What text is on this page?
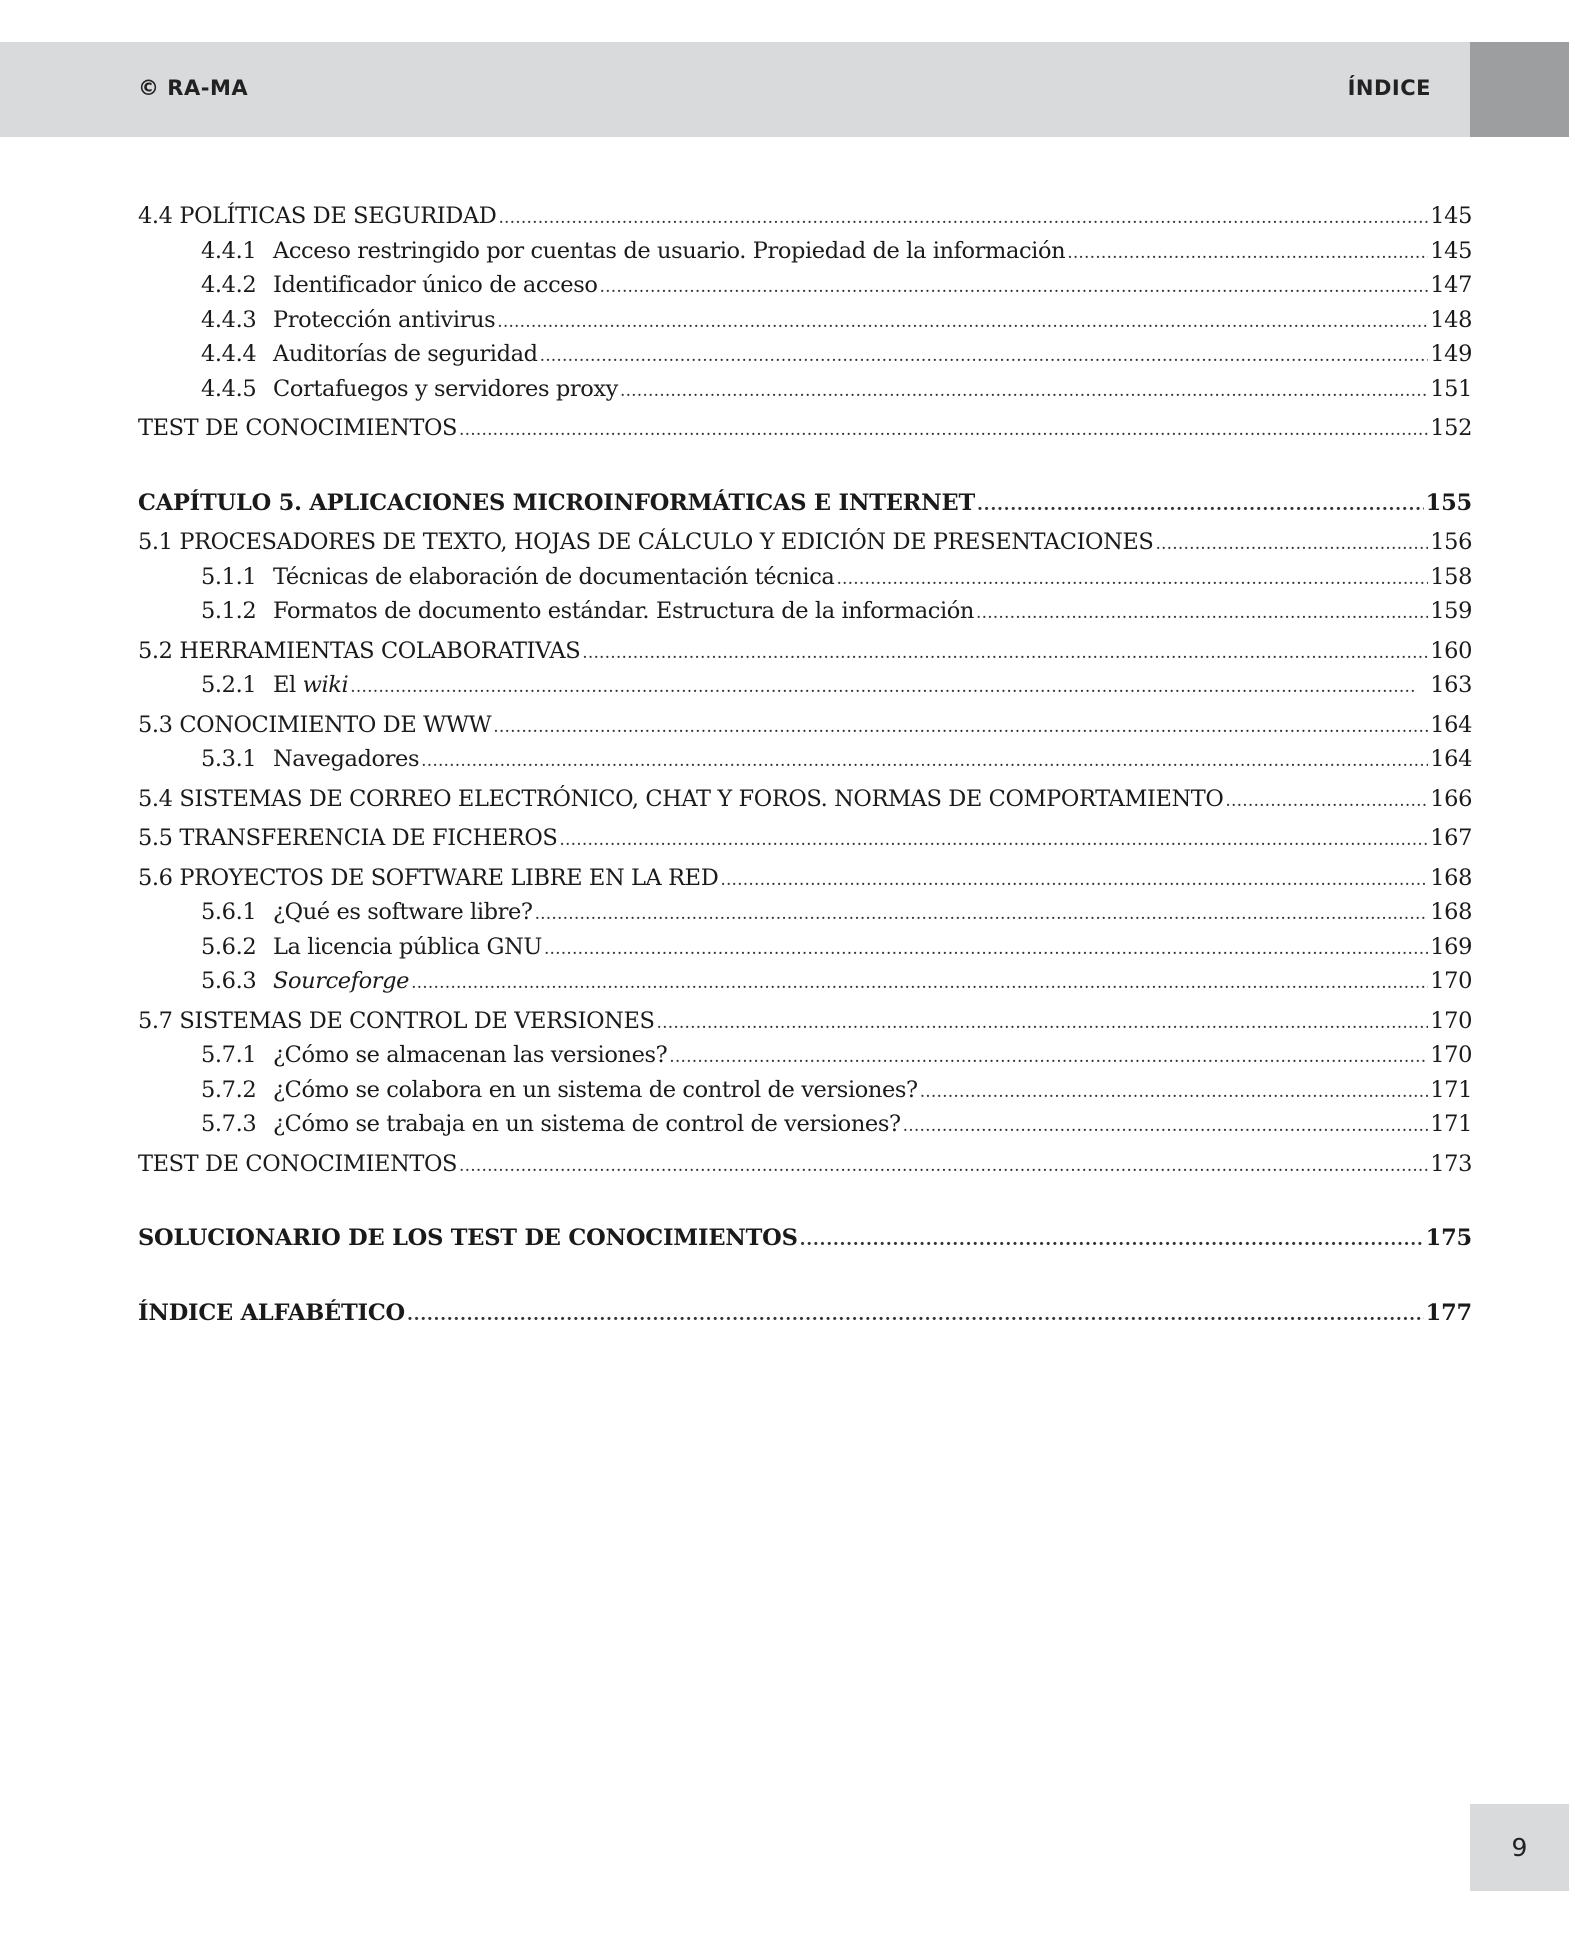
© RA-MA	ÍNDICE
4.4 POLÍTICAS DE SEGURIDAD . . .	145
4.4.1 Acceso restringido por cuentas de usuario. Propiedad de la información . . .	145
4.4.2 Identificador único de acceso . . .	147
4.4.3 Protección antivirus . . .	148
4.4.4 Auditorías de seguridad . . .	149
4.4.5 Cortafuegos y servidores proxy . . .	151
TEST DE CONOCIMIENTOS . . .	152
CAPÍTULO 5. APLICACIONES MICROINFORMÁTICAS E INTERNET . . .	155
5.1 PROCESADORES DE TEXTO, HOJAS DE CÁLCULO Y EDICIÓN DE PRESENTACIONES . . .	156
5.1.1 Técnicas de elaboración de documentación técnica . . .	158
5.1.2 Formatos de documento estándar. Estructura de la información . . .	159
5.2 HERRAMIENTAS COLABORATIVAS . . .	160
5.2.1 El wiki . . .	163
5.3 CONOCIMIENTO DE WWW . . .	164
5.3.1 Navegadores . . .	164
5.4 SISTEMAS DE CORREO ELECTRÓNICO, CHAT Y FOROS. NORMAS DE COMPORTAMIENTO . . .	166
5.5 TRANSFERENCIA DE FICHEROS . . .	167
5.6 PROYECTOS DE SOFTWARE LIBRE EN LA RED . . .	168
5.6.1 ¿Qué es software libre? . . .	168
5.6.2 La licencia pública GNU . . .	169
5.6.3 Sourceforge . . .	170
5.7 SISTEMAS DE CONTROL DE VERSIONES . . .	170
5.7.1 ¿Cómo se almacenan las versiones? . . .	170
5.7.2 ¿Cómo se colabora en un sistema de control de versiones? . . .	171
5.7.3 ¿Cómo se trabaja en un sistema de control de versiones? . . .	171
TEST DE CONOCIMIENTOS . . .	173
SOLUCIONARIO DE LOS TEST DE CONOCIMIENTOS . . .	175
ÍNDICE ALFABÉTICO . . .	177
9
